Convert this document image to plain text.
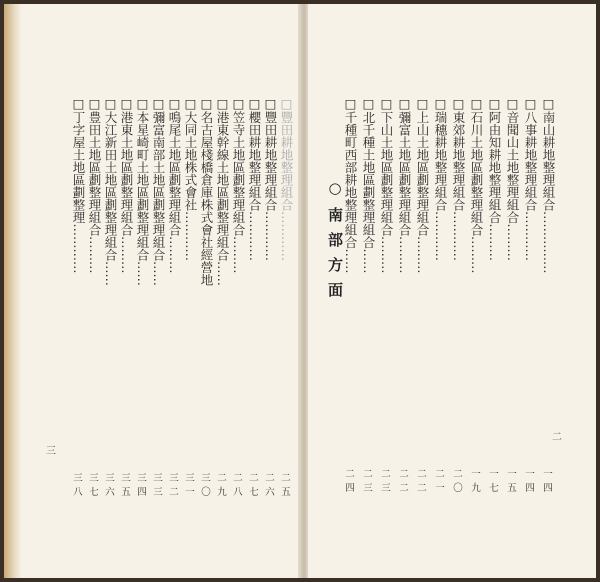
□豐田耕地整理組合…………
二五
□豐田耕地整理組合…………
二六
□櫻田耕地整理組合…………
二七
□笠寺土地區劃整理組合………
二八
□港東幹線土地區劃整理組合……
二九
□名古屋棧橋倉庫株式會社經營地
三〇
□大同土地株式會社…………
三一
□鳴尾土地區劃整理組合………
三二
□彌富南部土地區劃整理組合……
三三
□本星崎町土地區劃整理組合……
三四
□港東土地區劃整理組合………
三五
□大江新田土地區劃整理組合……
三六
□豊田土地區劃整理組合………
三七
□丁字屋土地區劃整理…………
三八
三
□南山耕地整理組合……………
一四
□八事耕地整理組合…………
一四
□音聞山土地整理組合………
一五
□阿由知耕地整理組合………
一七
□石川土地區劃整理組合………
一九
□東郊耕地整理組合…………
二〇
□瑞穗耕地整理組合…………
二一
□上山土地區劃整理組合………
二二
□彌富土地區劃整理組合………
二二
□下山土地區劃整理組合………
二三
□北千種土地區劃整理組合……
二三
□千種町西部耕地整理組合……
二四
二
○南部方面
